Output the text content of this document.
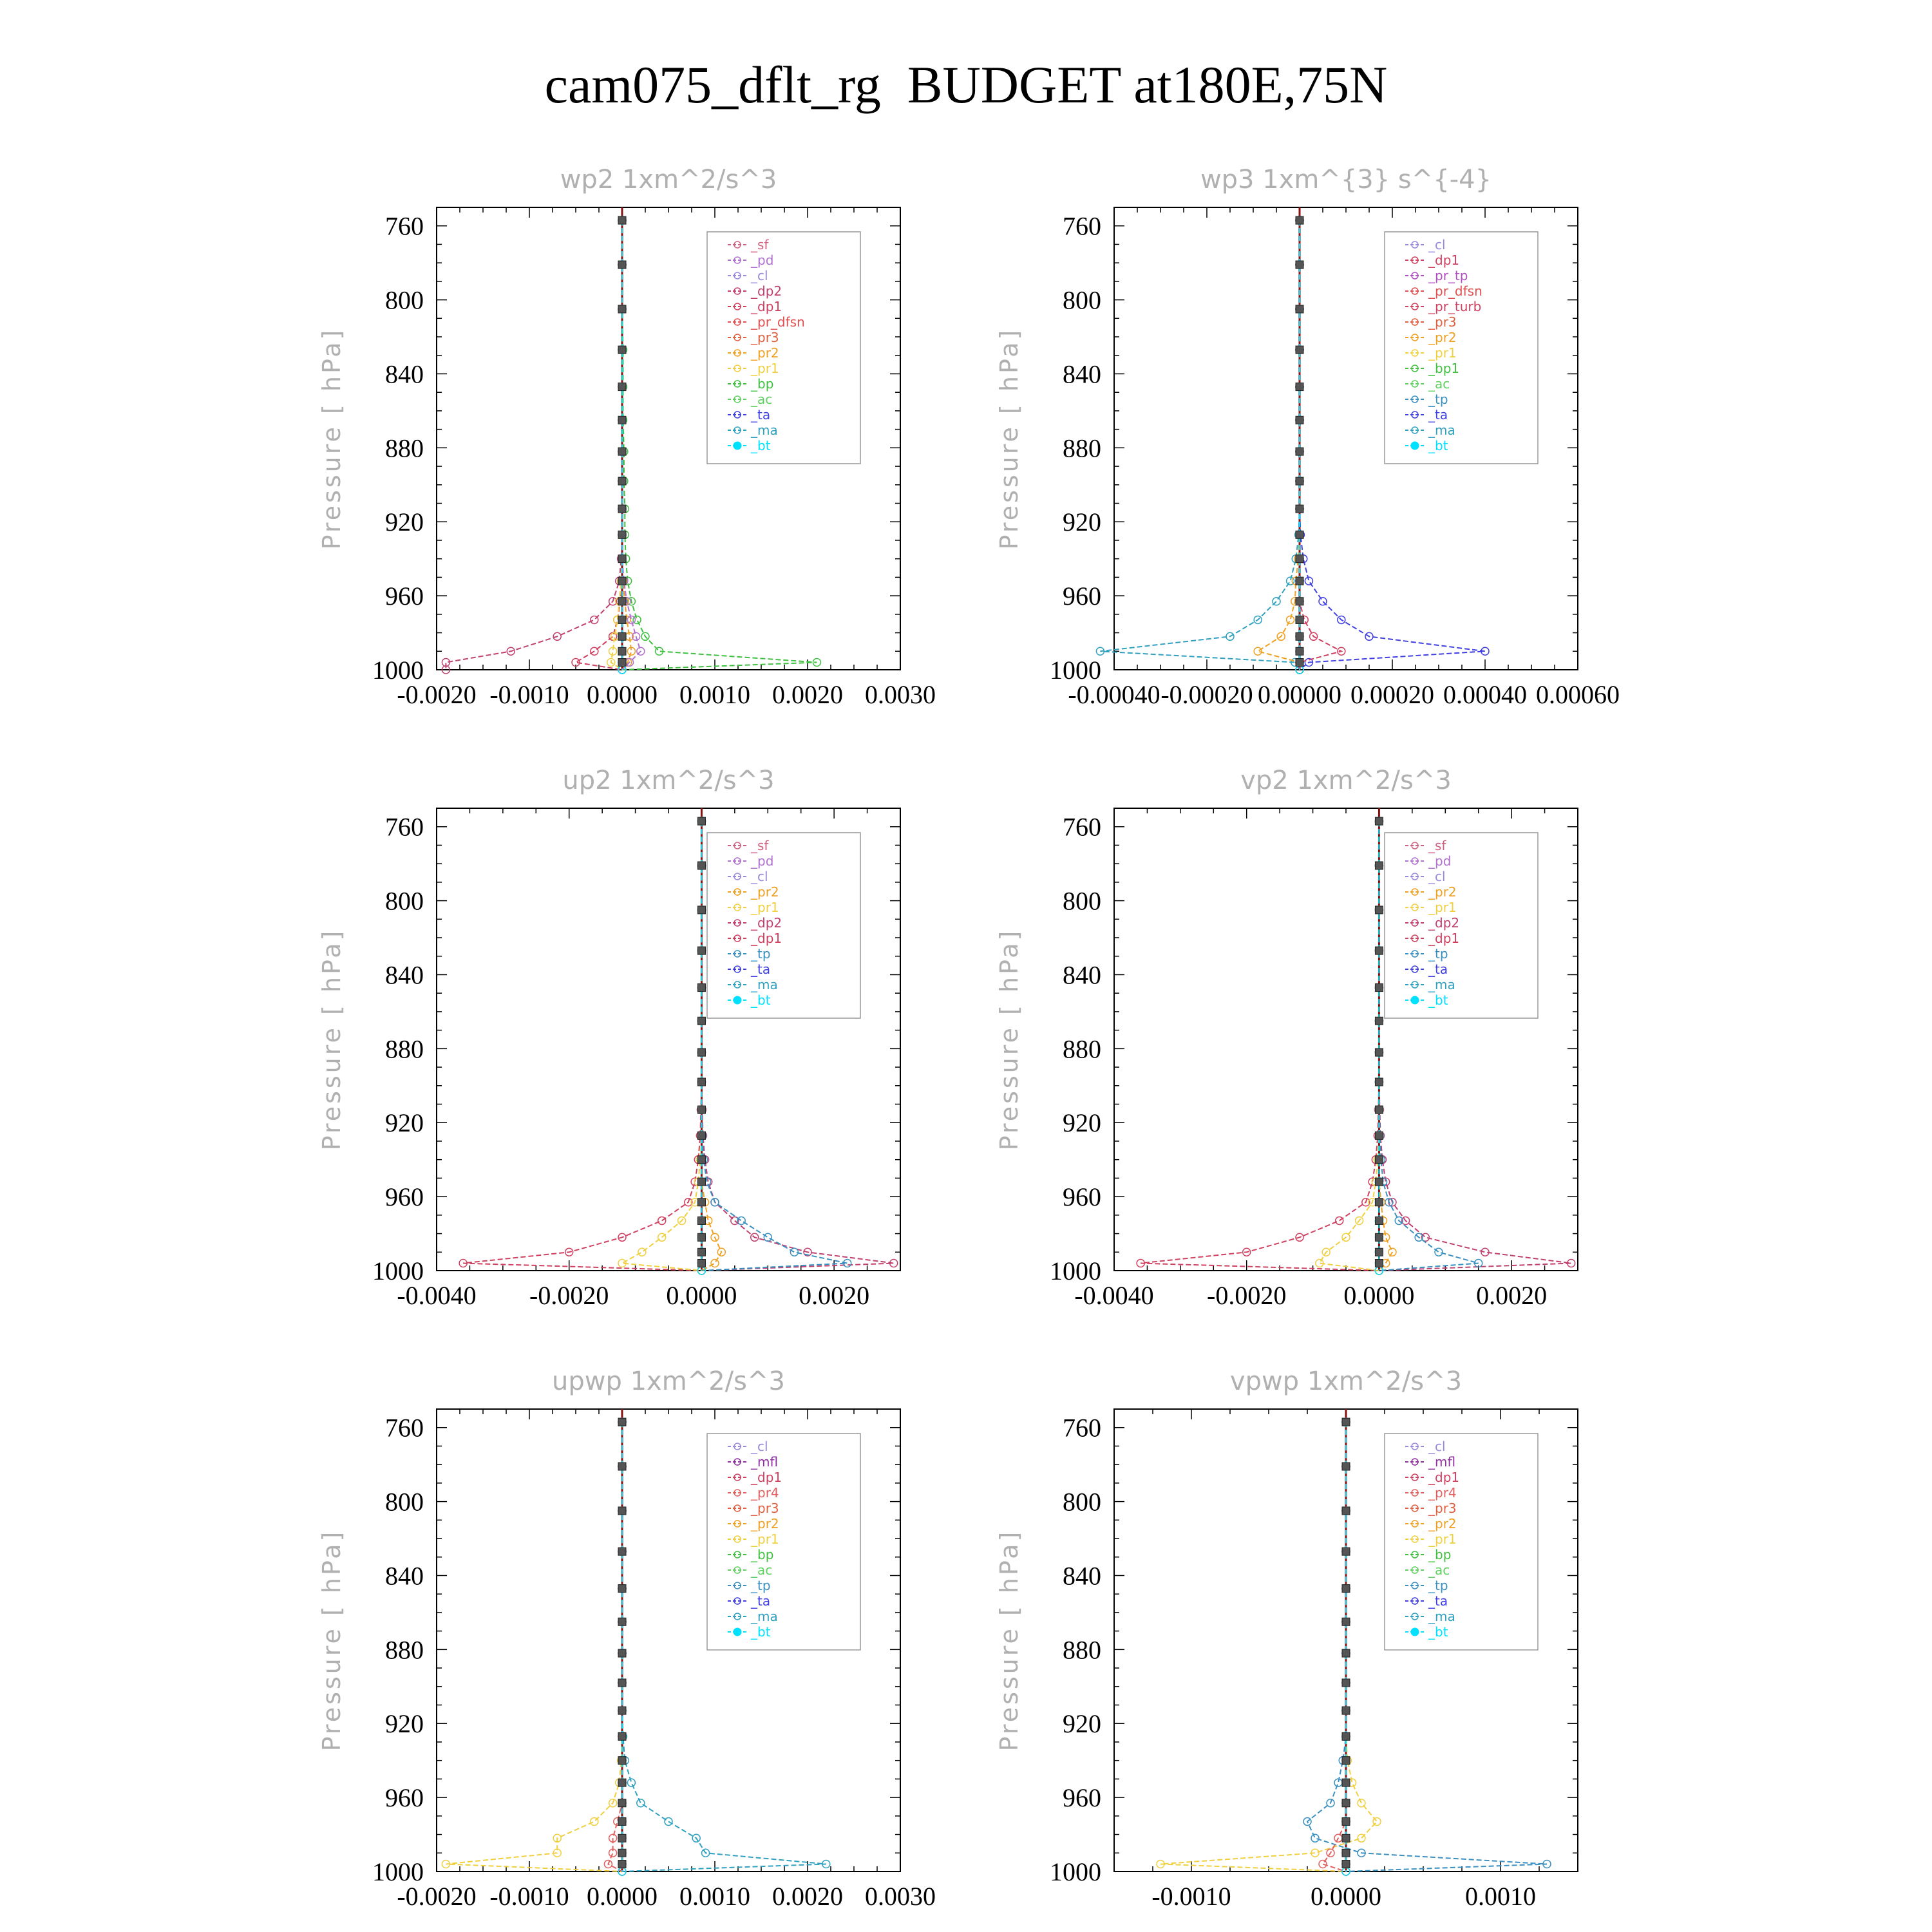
cam075_dflt_rg  BUDGET at180E,75N
wp2 1xm^2/s^3
Pressure [ hPa]
760
800
840
880
920
960
1000
-0.0020 -0.0010 0.0000 0.0010 0.0020 0.0030
_sf
_pd
_cl
_dp2
_dp1
_pr_dfsn
_pr3
_pr2
_pr1
_bp
_ac
_ta
_ma
_bt
wp3 1xm^{3} s^{-4}
Pressure [ hPa]
760
800
840
880
920
960
1000
-0.00040 -0.00020 0.00000 0.00020 0.00040 0.00060
_cl
_dp1
_pr_tp
_pr_dfsn
_pr_turb
_pr3
_pr2
_pr1
_bp1
_ac
_tp
_ta
_ma
_bt
up2 1xm^2/s^3
Pressure [ hPa]
760
800
840
880
920
960
1000
-0.0040 -0.0020 0.0000 0.0020
_sf
_pd
_cl
_pr2
_pr1
_dp2
_dp1
_tp
_ta
_ma
_bt
vp2 1xm^2/s^3
Pressure [ hPa]
760
800
840
880
920
960
1000
-0.0040 -0.0020 0.0000 0.0020
_sf
_pd
_cl
_pr2
_pr1
_dp2
_dp1
_tp
_ta
_ma
_bt
upwp 1xm^2/s^3
Pressure [ hPa]
760
800
840
880
920
960
1000
-0.0020 -0.0010 0.0000 0.0010 0.0020 0.0030
_cl
_mfl
_dp1
_pr4
_pr3
_pr2
_pr1
_bp
_ac
_tp
_ta
_ma
_bt
vpwp 1xm^2/s^3
Pressure [ hPa]
760
800
840
880
920
960
1000
-0.0010	0.0000	0.0010
_cl
_mfl
_dp1
_pr4
_pr3
_pr2
_pr1
_bp
_ac
_tp
_ta
_ma
_bt
